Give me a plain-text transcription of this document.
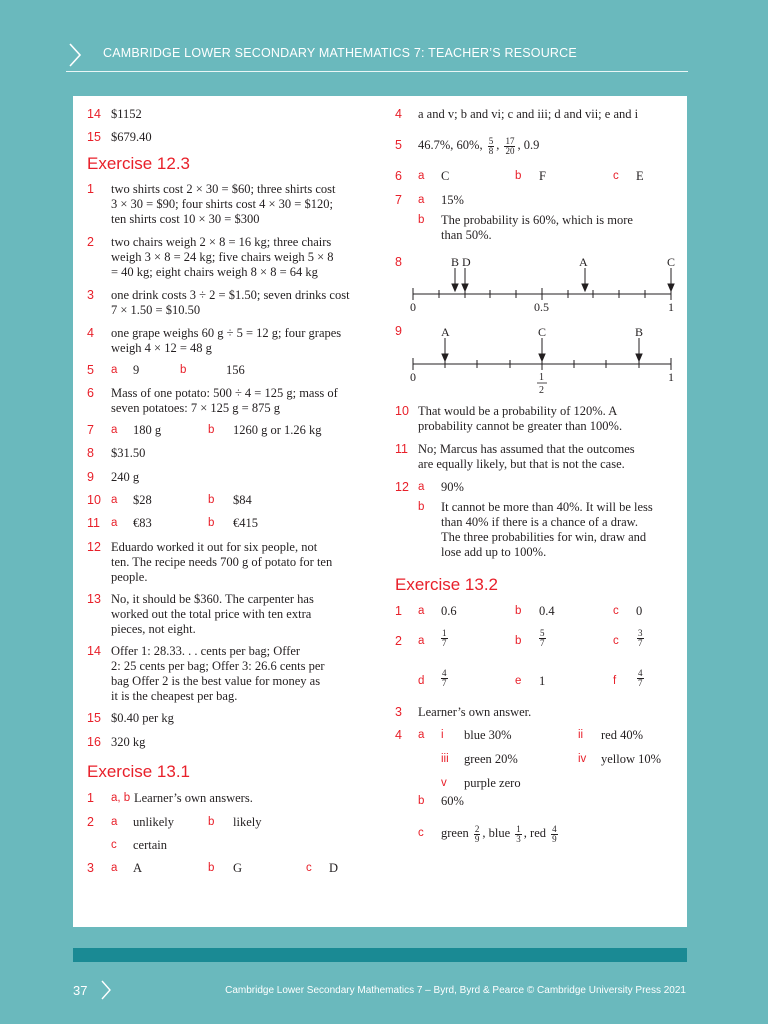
CAMBRIDGE LOWER SECONDARY MATHEMATICS 7: TEACHER’S RESOURCE
14 $1152
15 $679.40
Exercise 12.3
1 two shirts cost 2 × 30 = $60; three shirts cost
3 × 30 = $90; four shirts cost 4 × 30 = $120;
ten shirts cost 10 × 30 = $300
2 two chairs weigh 2 × 8 = 16 kg; three chairs
weigh 3 × 8 = 24 kg; five chairs weigh 5 × 8
= 40 kg; eight chairs weigh 8 × 8 = 64 kg
3 one drink costs 3 ÷ 2 = $1.50; seven drinks cost
7 × 1.50 = $10.50
4 one grape weighs 60 g ÷ 5 = 12 g; four grapes
weigh 4 × 12 = 48 g
5 a 9	b	156
6 Mass of one potato: 500 ÷ 4 = 125 g; mass of
seven potatoes: 7 × 125 g = 875 g
7 a 180 g	b 1260 g or 1.26 kg
8 $31.50
9 240 g
10 a $28	b $84
11 a €83	b €415
12 Eduardo worked it out for six people, not
ten. The recipe needs 700 g of potato for ten
people.
13 No, it should be $360. The carpenter has
worked out the total price with ten extra
pieces, not eight.
14 Offer 1: 28.33. . . cents per bag; Offer
2: 25 cents per bag; Offer 3: 26.6 cents per
bag Offer 2 is the best value for money as
it is the cheapest per bag.
15 $0.40 per kg
16 320 kg
Exercise 13.1
1 a, b Learner’s own answers.
2 a unlikely	b likely
c certain
3 a A	b G	c D
4 a and v; b and vi; c and iii; d and vii; e and i
5 46.7%, 60%, $\frac{5}{8}$ , $\frac{17}{20}$ , 0.9
6 a C	b F	c E
7 a 15%
b The probability is 60%, which is more
than 50%.
8	B D	A	C
0	0.5	1
9	A	C	B
0	1
2
1
10 That would be a probability of 120%. A
probability cannot be greater than 100%.
11 No; Marcus has assumed that the outcomes
are equally likely, but that is not the case.
12 a 90%
b It cannot be more than 40%. It will be less
than 40% if there is a chance of a draw.
The three probabilities for win, draw and
lose add up to 100%.
Exercise 13.2
1 a 0.6	b 0.4	c 0
2 a $\frac{1}{7}$	b $\frac{5}{7}$	c $\frac{3}{7}$
d $\frac{4}{7}$	e 1	f $\frac{4}{7}$
3 Learner’s own answer.
4 a i blue 30%	ii red 40%
iii green 20%	iv yellow 10%
v purple zero
b 60%
c green $\frac{2}{9}$ , blue $\frac{1}{3}$ , red $\frac{4}{9}$
37	Cambridge Lower Secondary Mathematics 7 – Byrd, Byrd & Pearce © Cambridge University Press 2021
